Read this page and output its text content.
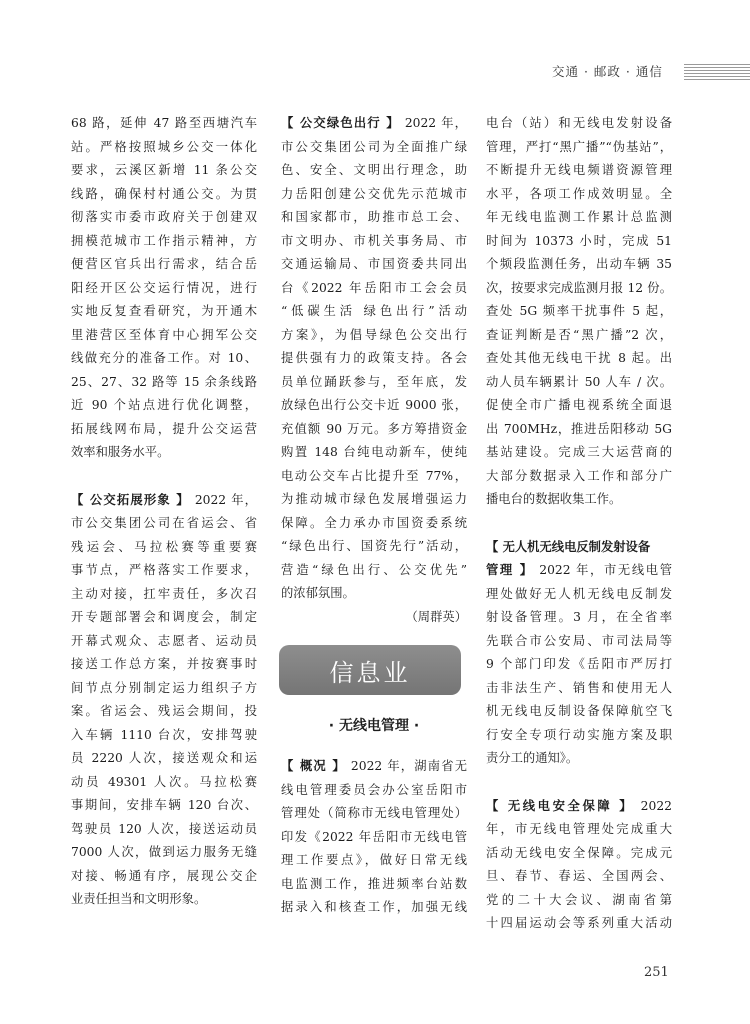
交通 · 邮政 · 通信
68 路，延伸 47 路至西塘汽车
站。严格按照城乡公交一体化
要求，云溪区新增 11 条公交
线路，确保村村通公交。为贯
彻落实市委市政府关于创建双
拥模范城市工作指示精神，方
便营区官兵出行需求，结合岳
阳经开区公交运行情况，进行
实地反复查看研究，为开通木
里港营区至体育中心拥军公交
线做充分的准备工作。对 10、
25、27、32 路等 15 余条线路
近 90 个站点进行优化调整，
拓展线网布局，提升公交运营
效率和服务水平。
【 公交拓展形象 】 2022 年，
市公交集团公司在省运会、省
残运会、马拉松赛等重要赛
事节点，严格落实工作要求，
主动对接，扛牢责任，多次召
开专题部署会和调度会，制定
开幕式观众、志愿者、运动员
接送工作总方案，并按赛事时
间节点分别制定运力组织子方
案。省运会、残运会期间，投
入车辆 1110 台次，安排驾驶
员 2220 人次，接送观众和运
动员 49301 人次。马拉松赛
事期间，安排车辆 120 台次、
驾驶员 120 人次，接送运动员
7000 人次，做到运力服务无缝
对接、畅通有序，展现公交企
业责任担当和文明形象。
【 公交绿色出行 】 2022 年，
市公交集团公司为全面推广绿
色、安全、文明出行理念，助
力岳阳创建公交优先示范城市
和国家都市，助推市总工会、
市文明办、市机关事务局、市
交通运输局、市国资委共同出
台《2022 年岳阳市工会会员
“低碳生活 绿色出行”活动
方案》，为倡导绿色公交出行
提供强有力的政策支持。各会
员单位踊跃参与，至年底，发
放绿色出行公交卡近 9000 张，
充值额 90 万元。多方筹措资金
购置 148 台纯电动新车，使纯
电动公交车占比提升至 77%，
为推动城市绿色发展增强运力
保障。全力承办市国资委系统
“绿色出行、国资先行”活动，
营造“绿色出行、公交优先”
的浓郁氛围。
（周群英）
信息业
· 无线电管理 ·
【 概况 】 2022 年，湖南省无
线电管理委员会办公室岳阳市
管理处（简称市无线电管理处）
印发《2022 年岳阳市无线电管
理工作要点》，做好日常无线
电监测工作，推进频率台站数
据录入和核查工作，加强无线
电台（站）和无线电发射设备
管理，严打“黑广播”“伪基站”，
不断提升无线电频谱资源管理
水平，各项工作成效明显。全
年无线电监测工作累计总监测
时间为 10373 小时，完成 51
个频段监测任务，出动车辆 35
次，按要求完成监测月报 12 份。
查处 5G 频率干扰事件 5 起，
查证判断是否“黑广播”2 次，
查处其他无线电干扰 8 起。出
动人员车辆累计 50 人车 / 次。
促使全市广播电视系统全面退
出 700MHz，推进岳阳移动 5G
基站建设。完成三大运营商的
大部分数据录入工作和部分广
播电台的数据收集工作。
【 无人机无线电反制发射设备
管理 】 2022 年，市无线电管
理处做好无人机无线电反制发
射设备管理。3 月，在全省率
先联合市公安局、市司法局等
9 个部门印发《岳阳市严厉打
击非法生产、销售和使用无人
机无线电反制设备保障航空飞
行安全专项行动实施方案及职
责分工的通知》。
【 无线电安全保障 】 2022
年，市无线电管理处完成重大
活动无线电安全保障。完成元
旦、春节、春运、全国两会、
党的二十大会议、湖南省第
十四届运动会等系列重大活动
251
